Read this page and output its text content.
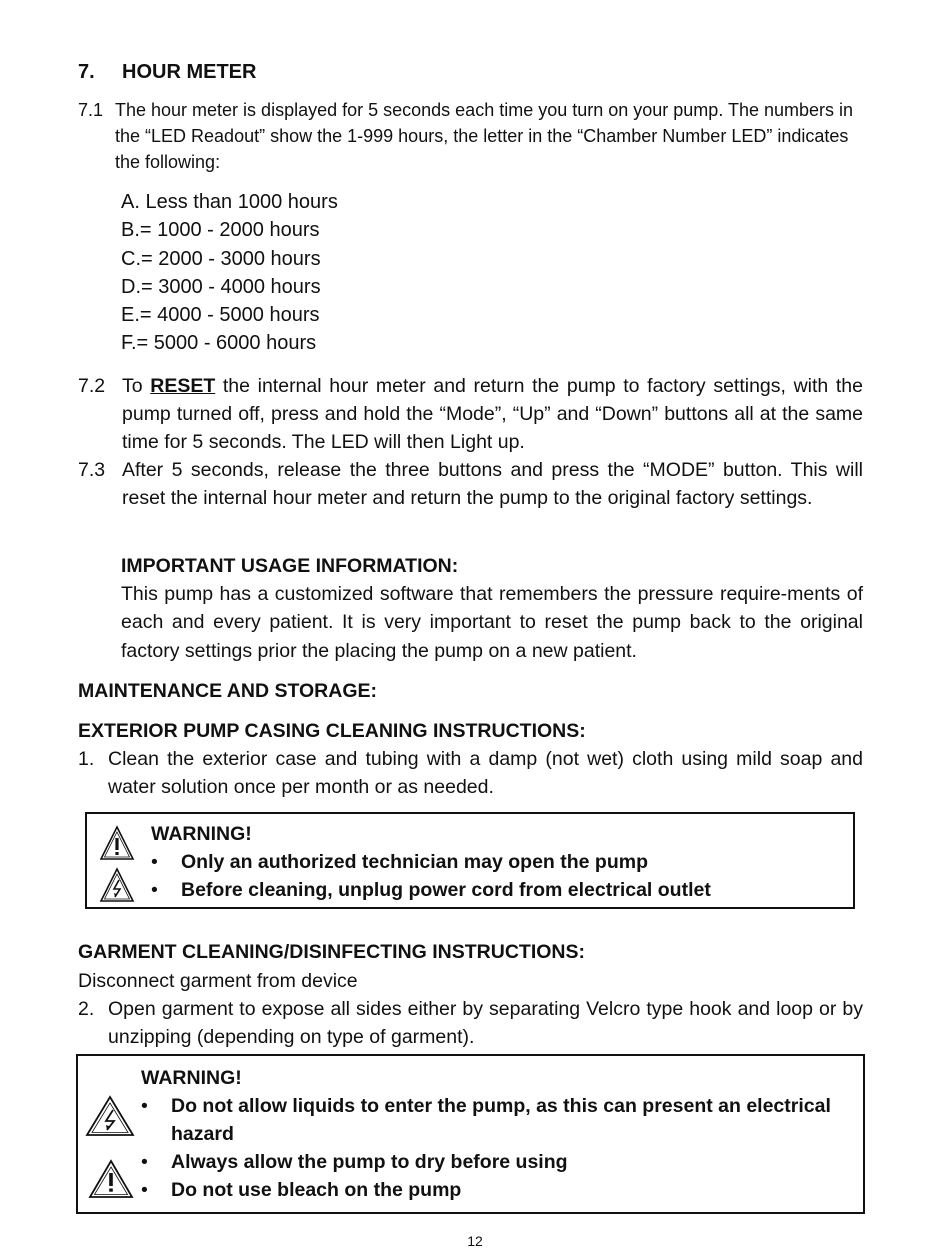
7. HOUR METER
7.1 The hour meter is displayed for 5 seconds each time you turn on your pump. The numbers in the “LED Readout” show the 1-999 hours, the letter in the “Chamber Number LED” indicates the following:
A. Less than 1000 hours
B.= 1000 - 2000 hours
C.= 2000 - 3000 hours
D.= 3000 - 4000 hours
E.= 4000 - 5000 hours
F.= 5000 - 6000 hours
7.2 To RESET the internal hour meter and return the pump to factory settings, with the pump turned off, press and hold the “Mode”, “Up” and “Down” buttons all at the same time for 5 seconds. The LED will then Light up.
7.3 After 5 seconds, release the three buttons and press the “MODE” button. This will reset the internal hour meter and return the pump to the original factory settings.
IMPORTANT USAGE INFORMATION:
This pump has a customized software that remembers the pressure require-ments of each and every patient. It is very important to reset the pump back to the original factory settings prior the placing the pump on a new patient.
MAINTENANCE AND STORAGE:
EXTERIOR PUMP CASING CLEANING INSTRUCTIONS:
1. Clean the exterior case and tubing with a damp (not wet) cloth using mild soap and water solution once per month or as needed.
WARNING!
• Only an authorized technician may open the pump
• Before cleaning, unplug power cord from electrical outlet
GARMENT CLEANING/DISINFECTING INSTRUCTIONS:
Disconnect garment from device
2. Open garment to expose all sides either by separating Velcro type hook and loop or by unzipping (depending on type of garment).
WARNING!
• Do not allow liquids to enter the pump, as this can present an electrical hazard
• Always allow the pump to dry before using
• Do not use bleach on the pump
12
